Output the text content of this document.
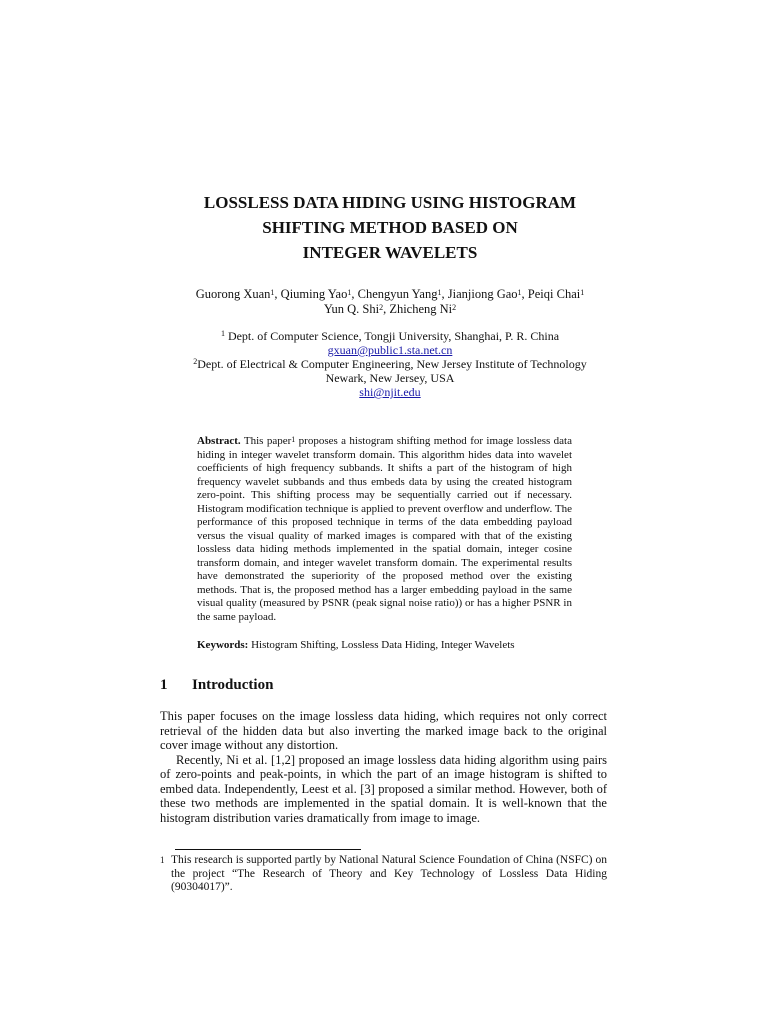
LOSSLESS DATA HIDING USING HISTOGRAM
SHIFTING METHOD BASED ON
INTEGER WAVELETS
Guorong Xuan$^1$, Qiuming Yao$^1$, Chengyun Yang$^1$, Jianjiong Gao$^1$, Peiqi Chai$^1$
Yun Q. Shi$^2$, Zhicheng Ni$^2$
$^1$ Dept. of Computer Science, Tongji University, Shanghai, P. R. China
gxuan@public1.sta.net.cn
$^2$Dept. of Electrical & Computer Engineering, New Jersey Institute of Technology
Newark, New Jersey, USA
shi@njit.edu
Abstract. This paper$^1$ proposes a histogram shifting method for image lossless data hiding in integer wavelet transform domain. This algorithm hides data into wavelet coefficients of high frequency subbands. It shifts a part of the histogram of high frequency wavelet subbands and thus embeds data by using the created histogram zero-point. This shifting process may be sequentially carried out if necessary. Histogram modification technique is applied to prevent overflow and underflow. The performance of this proposed technique in terms of the data embedding payload versus the visual quality of marked images is compared with that of the existing lossless data hiding methods implemented in the spatial domain, integer cosine transform domain, and integer wavelet transform domain. The experimental results have demonstrated the superiority of the proposed method over the existing methods. That is, the proposed method has a larger embedding payload in the same visual quality (measured by PSNR (peak signal noise ratio)) or has a higher PSNR in the same payload.
Keywords: Histogram Shifting, Lossless Data Hiding, Integer Wavelets
1 Introduction

This paper focuses on the image lossless data hiding, which requires not only correct retrieval of the hidden data but also inverting the marked image back to the original cover image without any distortion.

Recently, Ni et al. [1,2] proposed an image lossless data hiding algorithm using pairs of zero-points and peak-points, in which the part of an image histogram is shifted to embed data. Independently, Leest et al. [3] proposed a similar method. However, both of these two methods are implemented in the spatial domain. It is well-known that the histogram distribution varies dramatically from image to image.

1 This research is supported partly by National Natural Science Foundation of China (NSFC) on the project “The Research of Theory and Key Technology of Lossless Data Hiding (90304017)”.
